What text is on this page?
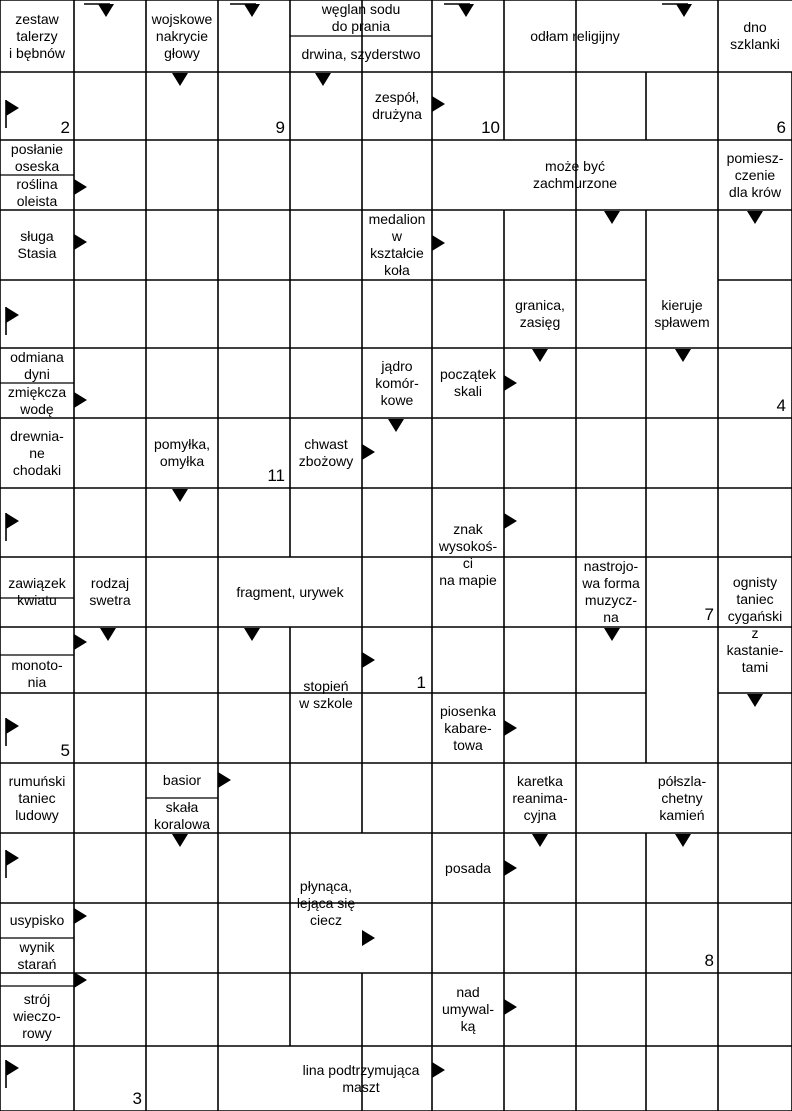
zestaw
talerzy
i bębnów
wojskowe
nakrycie
głowy
węglan sodu
do prania
drwina, szyderstwo
odłam religijny
dno
szklanki
zespół,
drużyna
posłanie
oseska
roślina
oleista
może być
zachmurzone
pomiesz-
czenie
dla krów
sługa
Stasia
medalion
w
kształcie
koła
granica,
zasięg
kieruje
spławem
odmiana
dyni
zmiękcza
wodę
jądro
komór-
kowe
początek
skali
drewnia-
ne
chodaki
pomyłka,
omyłka
chwast
zbożowy
znak
wysokoś-
ci
na mapie
zawiązek
kwiatu
rodzaj
swetra
fragment, urywek
nastrojo-
wa forma
muzycz-
na
ognisty
taniec
cygański
z
kastanie-
tami
monoto-
nia	stopień
w szkole	piosenka
kabare-
towa
rumuński
taniec
ludowy
basior
skała
koralowa
karetka
reanima-
cyjna
półszla-
chetny
kamień
posada
płynąca,
lejąca się
ciecz
usypisko
wynik
starań
strój
wieczo-
rowy
nad
umywal-
ką
lina podtrzymująca
maszt
2	9	10	6
4
11
7
1
5
8
3
